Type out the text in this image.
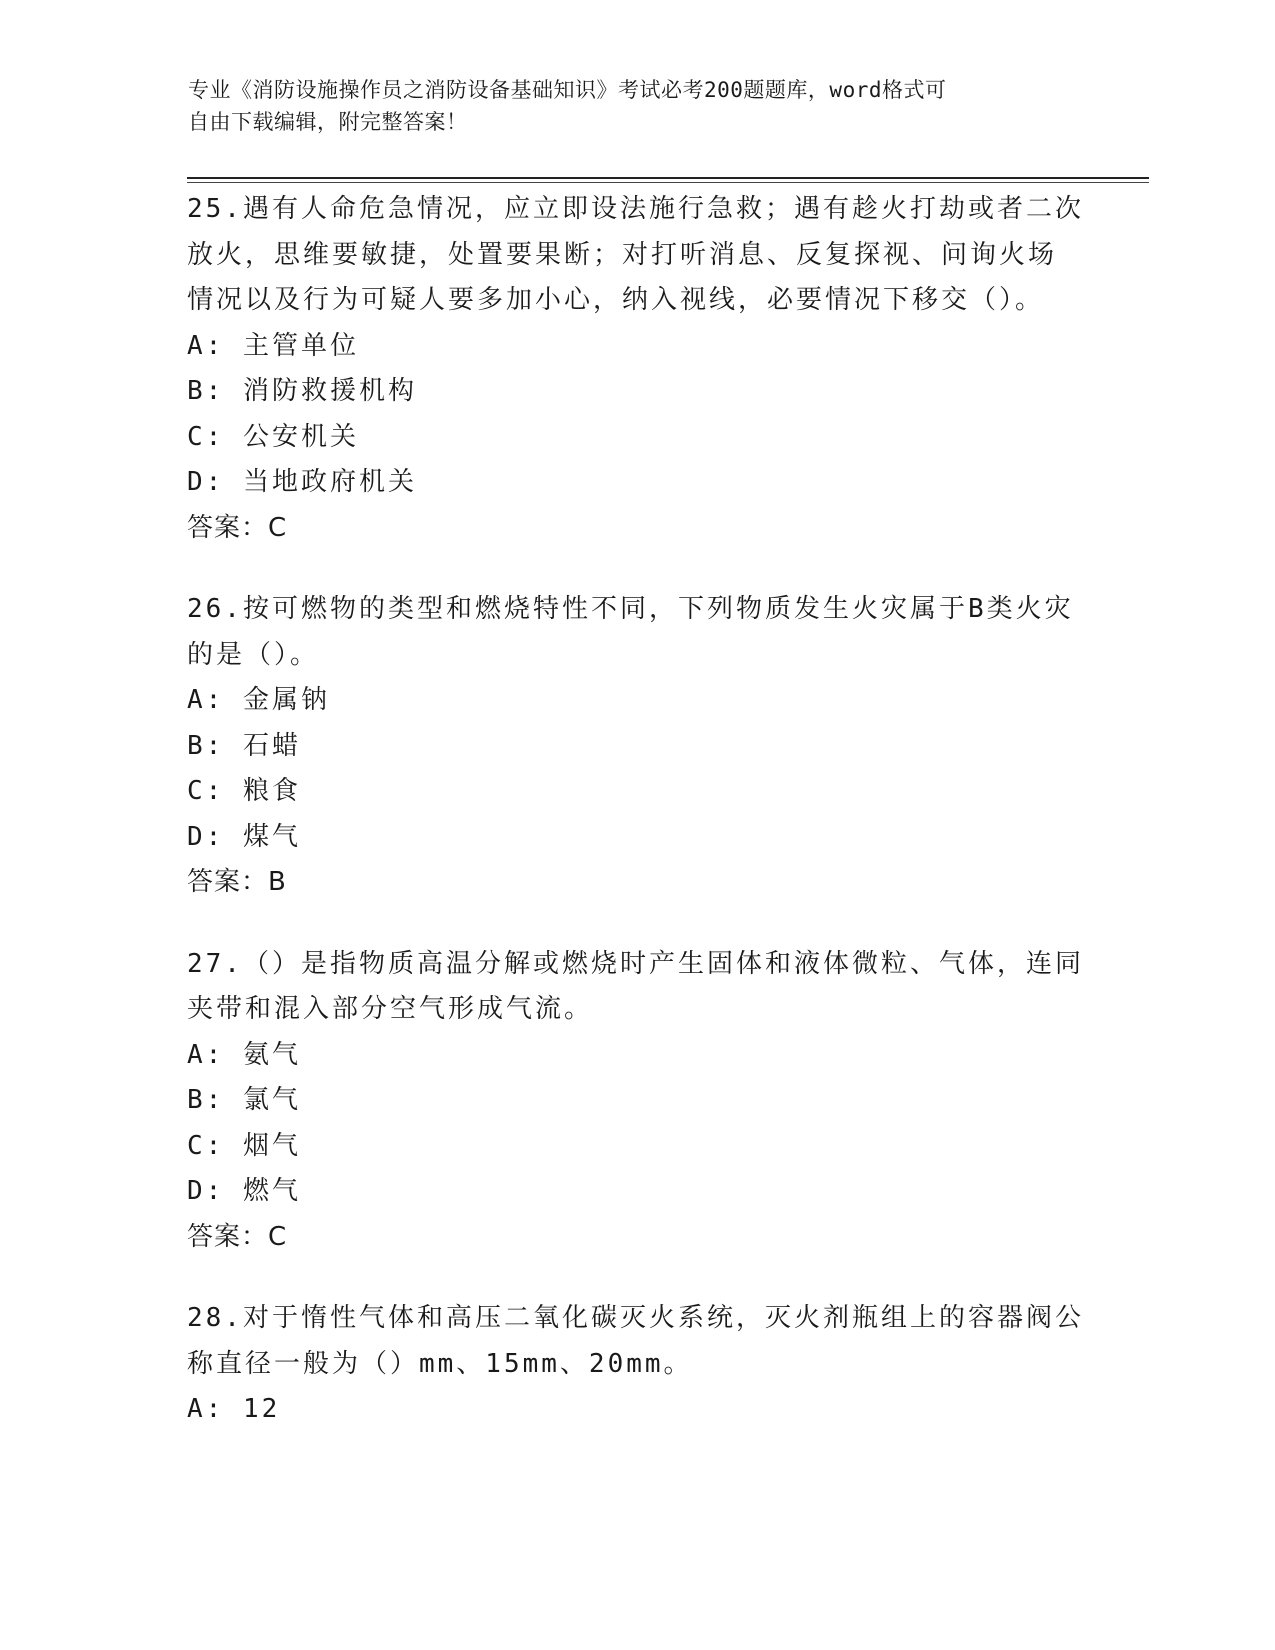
专业《消防设施操作员之消防设备基础知识》考试必考200题题库，word格式可
自由下载编辑，附完整答案！
25.遇有人命危急情况，应立即设法施行急救；遇有趁火打劫或者二次
放火，思维要敏捷，处置要果断；对打听消息、反复探视、问询火场
情况以及行为可疑人要多加小心，纳入视线，必要情况下移交（）。
A: 主管单位
B: 消防救援机构
C: 公安机关
D: 当地政府机关
答案：C
26.按可燃物的类型和燃烧特性不同，下列物质发生火灾属于B类火灾
的是（）。
A: 金属钠
B: 石蜡
C: 粮食
D: 煤气
答案：B
27.（）是指物质高温分解或燃烧时产生固体和液体微粒、气体，连同
夹带和混入部分空气形成气流。
A: 氨气
B: 氯气
C: 烟气
D: 燃气
答案：C
28.对于惰性气体和高压二氧化碳灭火系统，灭火剂瓶组上的容器阀公
称直径一般为（）mm、15mm、20mm。
A: 12
